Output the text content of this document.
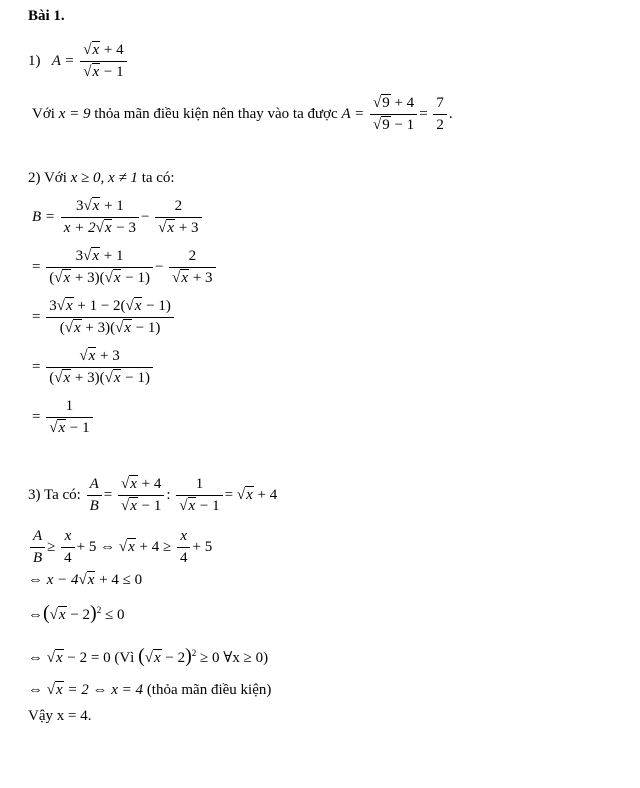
Bài 1.
1) $A = \frac{√x + 4}{√x - 1}$
Với x = 9 thỏa mãn điều kiện nên thay vào ta được $A = \frac{√9 + 4}{√9 - 1} = \frac{7}{2}$ .
2) Với x ≥ 0, x ≠ 1 ta có:
$B = \frac{3√x + 1}{x + 2√x - 3} - \frac{2}{√x + 3}$
= $\frac{3√x + 1}{(√x + 3)(√x - 1)} - \frac{2}{√x + 3}$
= $\frac{3√x + 1 - 2(√x - 1)}{(√x + 3)(√x - 1)}$
= $\frac{√x + 3}{(√x + 3)(√x - 1)}$
= $\frac{1}{√x - 1}$
3) Ta có: $\frac{A}{B} = \frac{√x + 4}{√x - 1}$ : $\frac{1}{√x - 1} = √x + 4$
$\frac{A}{B} \ge \frac{x}{4} + 5$ ⇔ $√x + 4 \ge \frac{x}{4} + 5$
⇔ x − 4√x + 4 ≤ 0
⇔(√x − 2)$^2$ ≤ 0
⇔ √x − 2 = 0 (Vì $(√x - 2)^2 \ge 0$ ∀x ≥ 0)
⇔ √x = 2 ⇔ x = 4 (thỏa mãn điều kiện)
Vậy x = 4.
